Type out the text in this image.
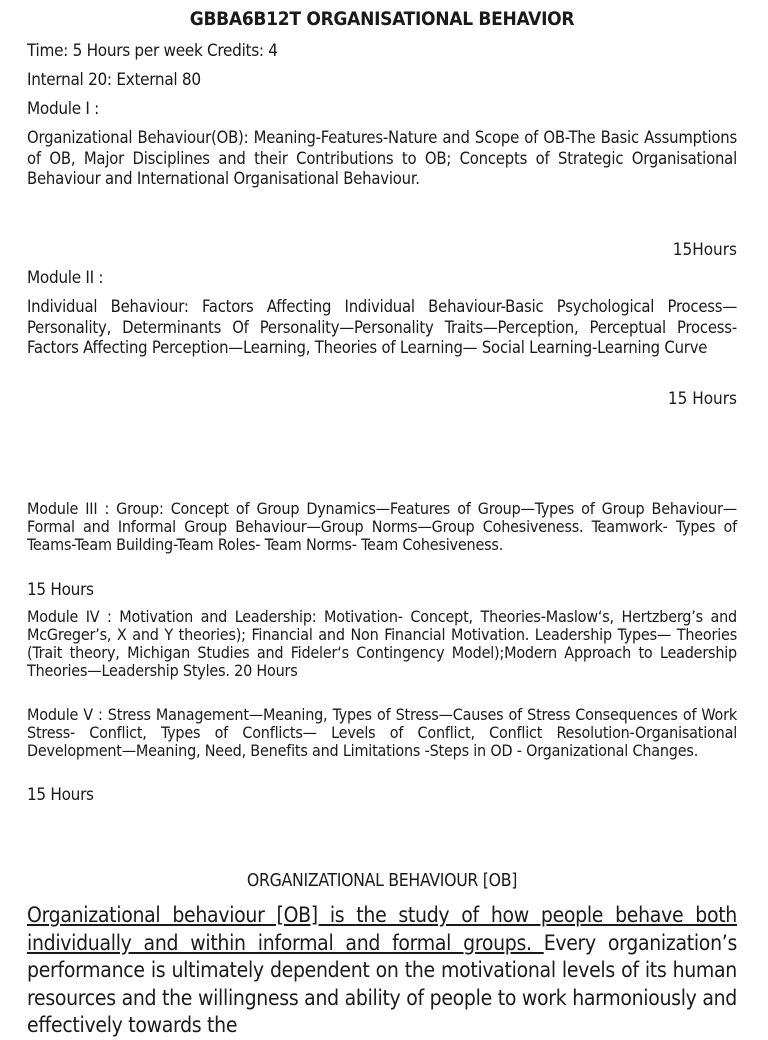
GBBA6B12T ORGANISATIONAL BEHAVIOR

Time: 5 Hours per week Credits: 4

Internal 20: External 80

Module I :

Organizational Behaviour(OB): Meaning-Features-Nature and Scope of OB-The Basic Assumptions of OB, Major Disciplines and their Contributions to OB; Concepts of Strategic Organisational Behaviour and International Organisational Behaviour.

15Hours

Module II :

Individual Behaviour: Factors Affecting Individual Behaviour-Basic Psychological Process—Personality, Determinants Of Personality—Personality Traits—Perception, Perceptual Process-Factors Affecting Perception—Learning, Theories of Learning— Social Learning-Learning Curve

15 Hours

Module III : Group: Concept of Group Dynamics—Features of Group—Types of Group Behaviour—Formal and Informal Group Behaviour—Group Norms—Group Cohesiveness. Teamwork- Types of Teams-Team Building-Team Roles- Team Norms- Team Cohesiveness.

15 Hours

Module IV : Motivation and Leadership: Motivation- Concept, Theories-Maslow‘s, Hertzberg’s and McGreger’s, X and Y theories); Financial and Non Financial Motivation. Leadership Types— Theories (Trait theory, Michigan Studies and Fideler‘s Contingency Model);Modern Approach to Leadership Theories—Leadership Styles. 20 Hours

Module V : Stress Management—Meaning, Types of Stress—Causes of Stress Consequences of Work Stress- Conflict, Types of Conflicts— Levels of Conflict, Conflict Resolution-Organisational Development—Meaning, Need, Benefits and Limitations -Steps in OD - Organizational Changes.

15 Hours

ORGANIZATIONAL BEHAVIOUR [OB]

Organizational behaviour [OB] is the study of how people behave both individually and within informal and formal groups. Every organization’s performance is ultimately dependent on the motivational levels of its human resources and the willingness and ability of people to work harmoniously and effectively towards the
